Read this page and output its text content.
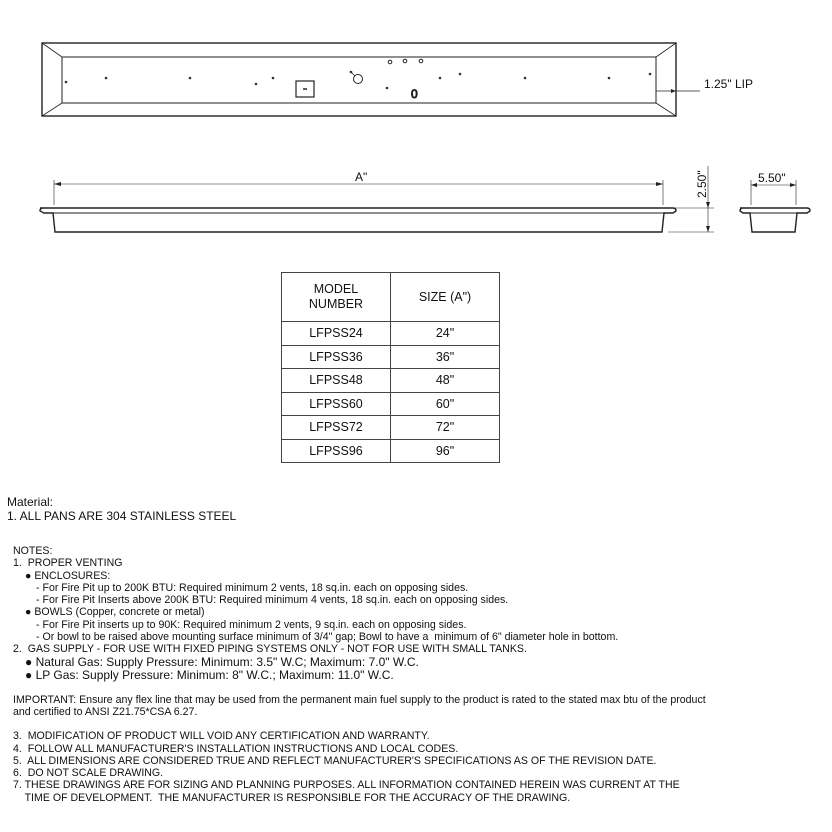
0
1.25" LIP
A"	2.50"	5.50"
MODEL
NUMBER	SIZE (A")
LFPSS24	24"
LFPSS36	36"
LFPSS48	48"
LFPSS60	60"
LFPSS72	72"
LFPSS96	96"
Material:
1. ALL PANS ARE 304 STAINLESS STEEL
NOTES:
1.  PROPER VENTING
● ENCLOSURES:
- For Fire Pit up to 200K BTU: Required minimum 2 vents, 18 sq.in. each on opposing sides.
- For Fire Pit Inserts above 200K BTU: Required minimum 4 vents, 18 sq.in. each on opposing sides.
● BOWLS (Copper, concrete or metal)
- For Fire Pit inserts up to 90K: Required minimum 2 vents, 9 sq.in. each on opposing sides.
- Or bowl to be raised above mounting surface minimum of 3/4" gap; Bowl to have a  minimum of 6" diameter hole in bottom.
2.  GAS SUPPLY - FOR USE WITH FIXED PIPING SYSTEMS ONLY - NOT FOR USE WITH SMALL TANKS.
● Natural Gas: Supply Pressure: Minimum: 3.5" W.C; Maximum: 7.0" W.C.
● LP Gas: Supply Pressure: Minimum: 8" W.C.; Maximum: 11.0" W.C.
IMPORTANT: Ensure any flex line that may be used from the permanent main fuel supply to the product is rated to the stated max btu of the product
and certified to ANSI Z21.75*CSA 6.27.
3.  MODIFICATION OF PRODUCT WILL VOID ANY CERTIFICATION AND WARRANTY.
4.  FOLLOW ALL MANUFACTURER'S INSTALLATION INSTRUCTIONS AND LOCAL CODES.
5.  ALL DIMENSIONS ARE CONSIDERED TRUE AND REFLECT MANUFACTURER'S SPECIFICATIONS AS OF THE REVISION DATE.
6.  DO NOT SCALE DRAWING.
7. THESE DRAWINGS ARE FOR SIZING AND PLANNING PURPOSES. ALL INFORMATION CONTAINED HEREIN WAS CURRENT AT THE
TIME OF DEVELOPMENT.  THE MANUFACTURER IS RESPONSIBLE FOR THE ACCURACY OF THE DRAWING.
